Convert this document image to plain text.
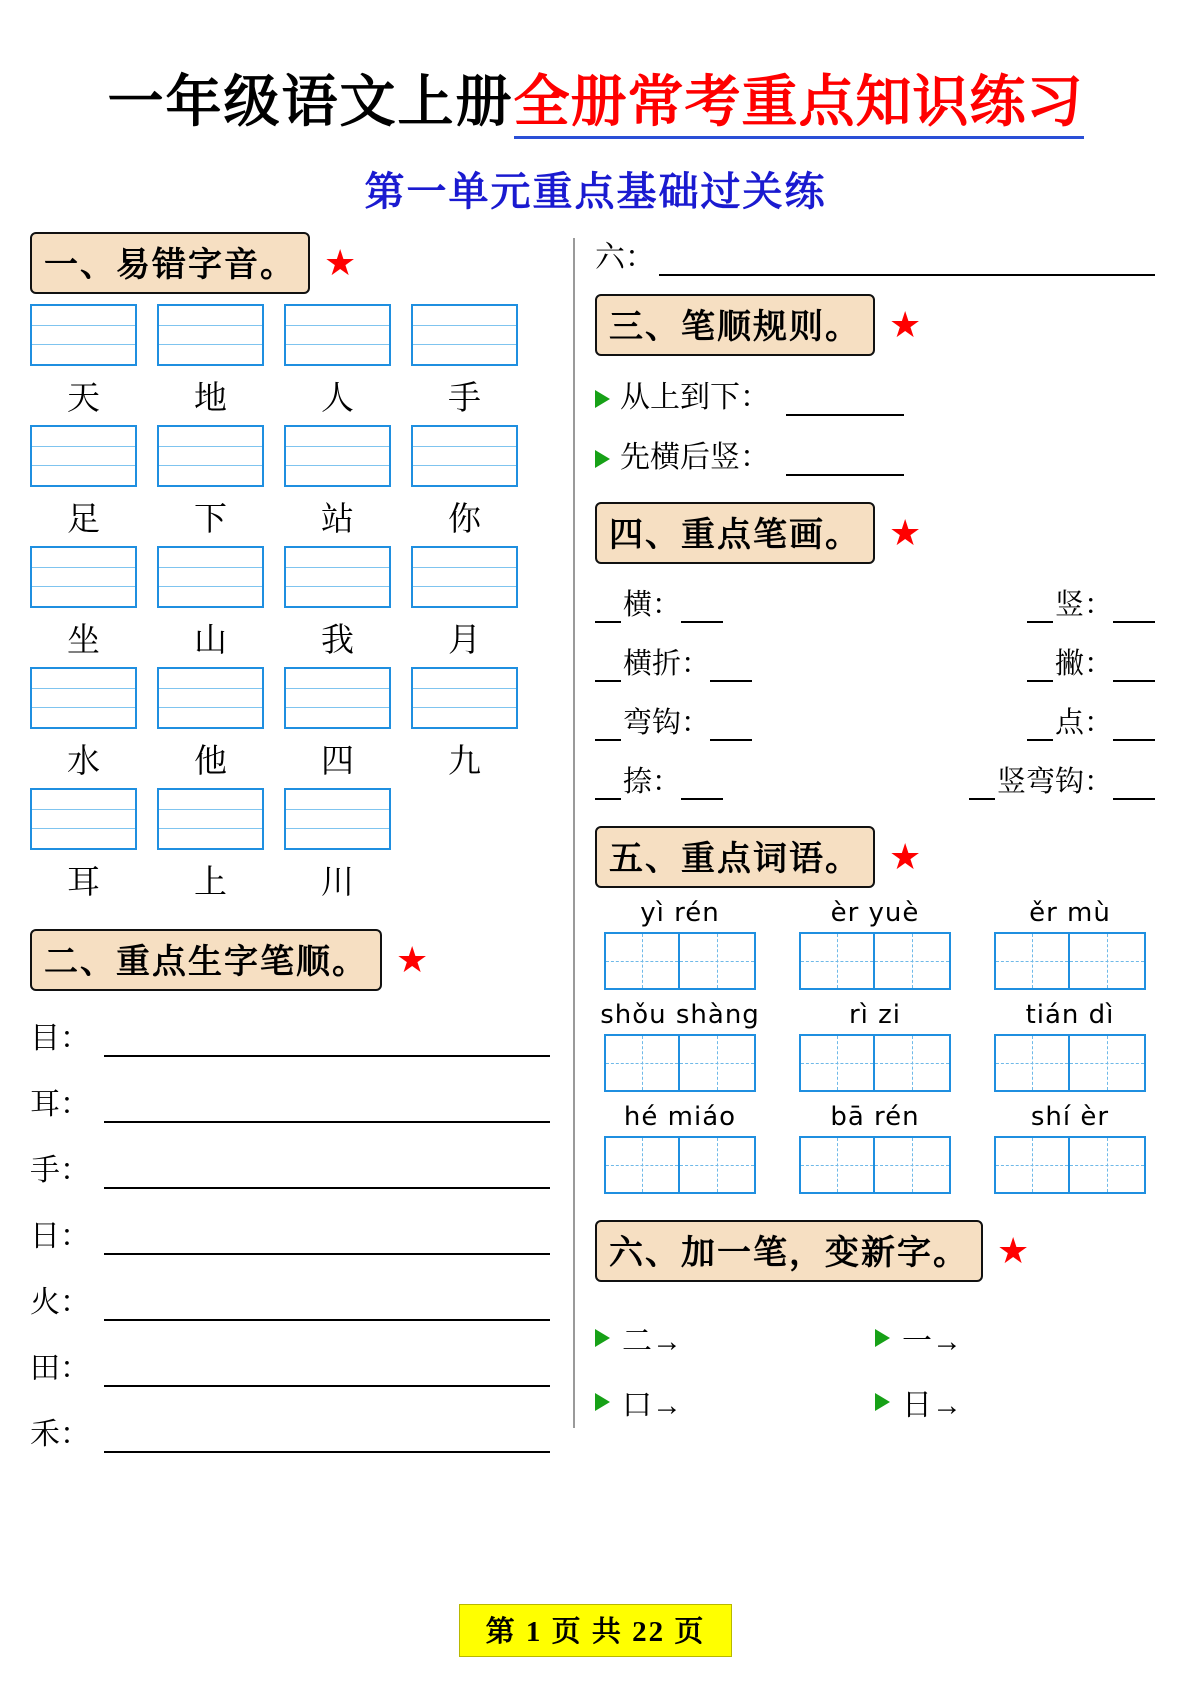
一年级语文上册全册常考重点知识练习
第一单元重点基础过关练
一、易错字音。 ★
天	地	人	手
足	下	站	你
坐	山	我	月
水	他	四	九
耳	上	川
二、重点生字笔顺。 ★
目：
耳：
手：
日：
火：
田：
禾：
六：
三、笔顺规则。 ★
从上到下：
先横后竖：
四、重点笔画。 ★
横：	竖：
横折：	撇：
弯钩：	点：
捺：	竖弯钩：
五、重点词语。 ★
yì rén	èr yuè	ěr mù
shǒu shàng	rì zi	tián dì
hé miáo	bā rén	shí èr
六、加一笔，变新字。 ★
二→	一→
口→	日→
第 1 页 共 22 页
